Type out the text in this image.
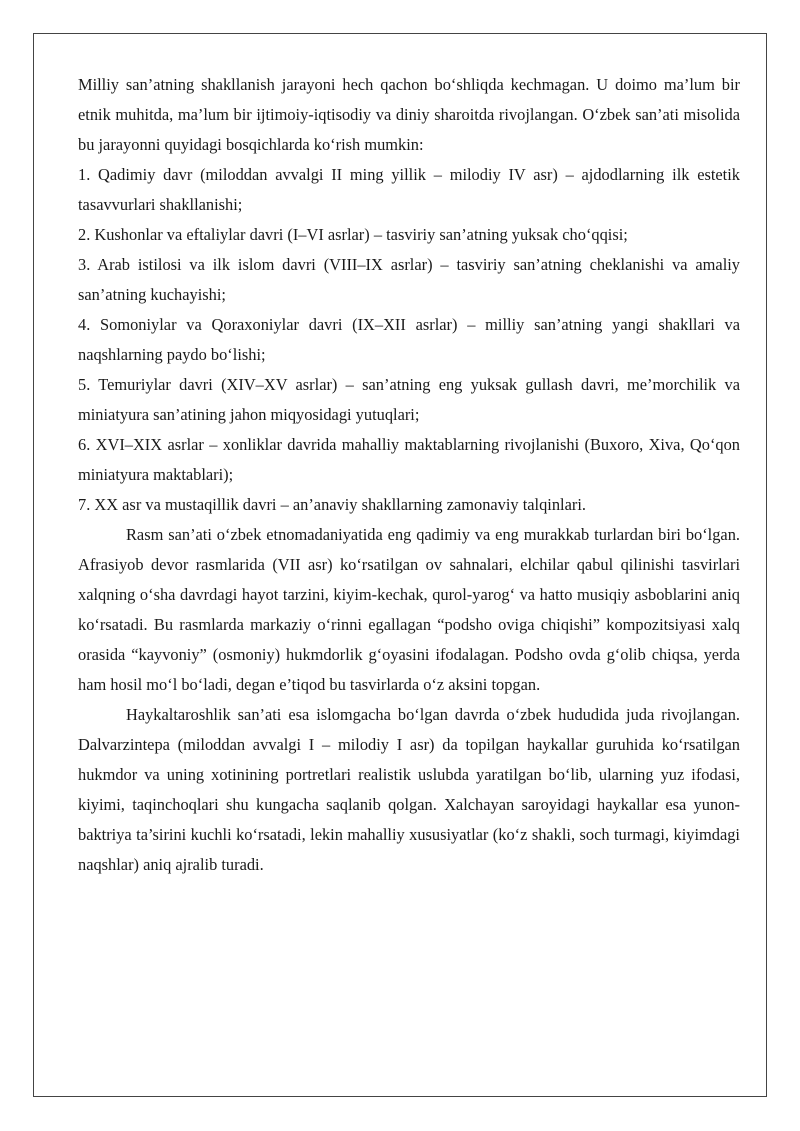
Milliy san’atning shakllanish jarayoni hech qachon bo‘shliqda kechmagan. U doimo ma’lum bir etnik muhitda, ma’lum bir ijtimoiy-iqtisodiy va diniy sharoitda rivojlangan. O‘zbek san’ati misolida bu jarayonni quyidagi bosqichlarda ko‘rish mumkin:

1. Qadimiy davr (miloddan avvalgi II ming yillik – milodiy IV asr) – ajdodlarning ilk estetik tasavvurlari shakllanishi;

2. Kushonlar va eftaliylar davri (I–VI asrlar) – tasviriy san’atning yuksak cho‘qqisi;

3. Arab istilosi va ilk islom davri (VIII–IX asrlar) – tasviriy san’atning cheklanishi va amaliy san’atning kuchayishi;

4. Somoniylar va Qoraxoniylar davri (IX–XII asrlar) – milliy san’atning yangi shakllari va naqshlarning paydo bo‘lishi;

5. Temuriylar davri (XIV–XV asrlar) – san’atning eng yuksak gullash davri, me’morchilik va miniatyura san’atining jahon miqyosidagi yutuqlari;

6. XVI–XIX asrlar – xonliklar davrida mahalliy maktablarning rivojlanishi (Buxoro, Xiva, Qo‘qon miniatyura maktablari);

7. XX asr va mustaqillik davri – an’anaviy shakllarning zamonaviy talqinlari.

Rasm san’ati o‘zbek etnomadaniyatida eng qadimiy va eng murakkab turlardan biri bo‘lgan. Afrasiyob devor rasmlarida (VII asr) ko‘rsatilgan ov sahnalari, elchilar qabul qilinishi tasvirlari xalqning o‘sha davrdagi hayot tarzini, kiyim-kechak, qurol-yarog‘ va hatto musiqiy asboblarini aniq ko‘rsatadi. Bu rasmlarda markaziy o‘rinni egallagan “podsho oviga chiqishi” kompozitsiyasi xalq orasida “kayvoniy” (osmoniy) hukmdorlik g‘oyasini ifodalagan. Podsho ovda g‘olib chiqsa, yerda ham hosil mo‘l bo‘ladi, degan e’tiqod bu tasvirlarda o‘z aksini topgan.

Haykaltaroshlik san’ati esa islomgacha bo‘lgan davrda o‘zbek hududida juda rivojlangan. Dalvarzintepa (miloddan avvalgi I – milodiy I asr) da topilgan haykallar guruhida ko‘rsatilgan hukmdor va uning xotinining portretlari realistik uslubda yaratilgan bo‘lib, ularning yuz ifodasi, kiyimi, taqinchoqlari shu kungacha saqlanib qolgan. Xalchayan saroyidagi haykallar esa yunon-baktriya ta’sirini kuchli ko‘rsatadi, lekin mahalliy xususiyatlar (ko‘z shakli, soch turmagi, kiyimdagi naqshlar) aniq ajralib turadi.
